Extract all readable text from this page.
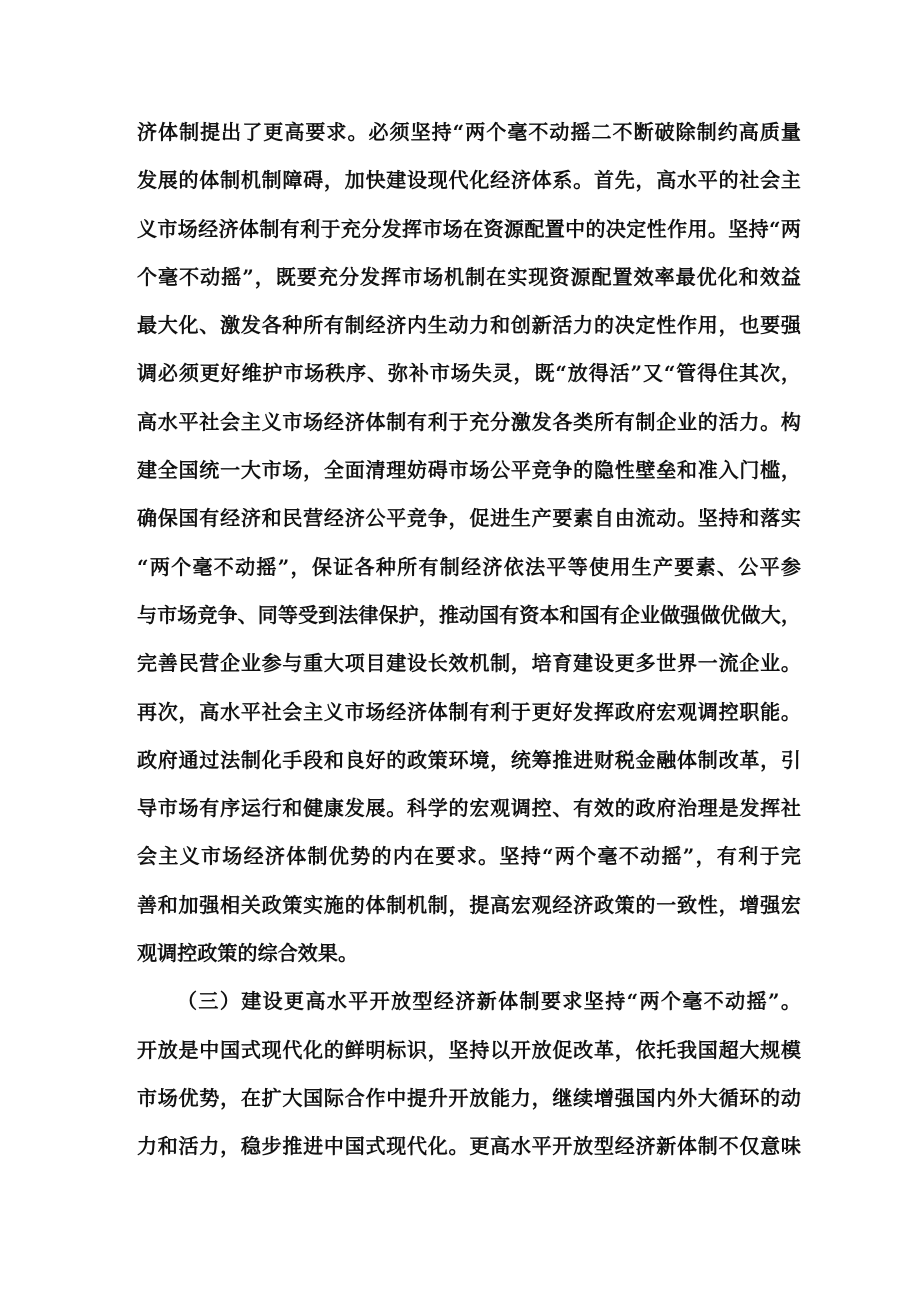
济体制提出了更高要求。必须坚持“两个毫不动摇二不断破除制约高质量
发展的体制机制障碍，加快建设现代化经济体系。首先，高水平的社会主
义市场经济体制有利于充分发挥市场在资源配置中的决定性作用。坚持“两
个毫不动摇”，既要充分发挥市场机制在实现资源配置效率最优化和效益
最大化、激发各种所有制经济内生动力和创新活力的决定性作用，也要强
调必须更好维护市场秩序、弥补市场失灵，既“放得活”又“管得住其次，
高水平社会主义市场经济体制有利于充分激发各类所有制企业的活力。构
建全国统一大市场，全面清理妨碍市场公平竞争的隐性壁垒和准入门槛，
确保国有经济和民营经济公平竞争，促进生产要素自由流动。坚持和落实
“两个毫不动摇”，保证各种所有制经济依法平等使用生产要素、公平参
与市场竞争、同等受到法律保护，推动国有资本和国有企业做强做优做大，
完善民营企业参与重大项目建设长效机制，培育建设更多世界一流企业。
再次，高水平社会主义市场经济体制有利于更好发挥政府宏观调控职能。
政府通过法制化手段和良好的政策环境，统筹推进财税金融体制改革，引
导市场有序运行和健康发展。科学的宏观调控、有效的政府治理是发挥社
会主义市场经济体制优势的内在要求。坚持“两个毫不动摇”，有利于完
善和加强相关政策实施的体制机制，提高宏观经济政策的一致性，增强宏
观调控政策的综合效果。
（三）建设更高水平开放型经济新体制要求坚持“两个毫不动摇”。
开放是中国式现代化的鲜明标识，坚持以开放促改革，依托我国超大规模
市场优势，在扩大国际合作中提升开放能力，继续增强国内外大循环的动
力和活力，稳步推进中国式现代化。更高水平开放型经济新体制不仅意味
